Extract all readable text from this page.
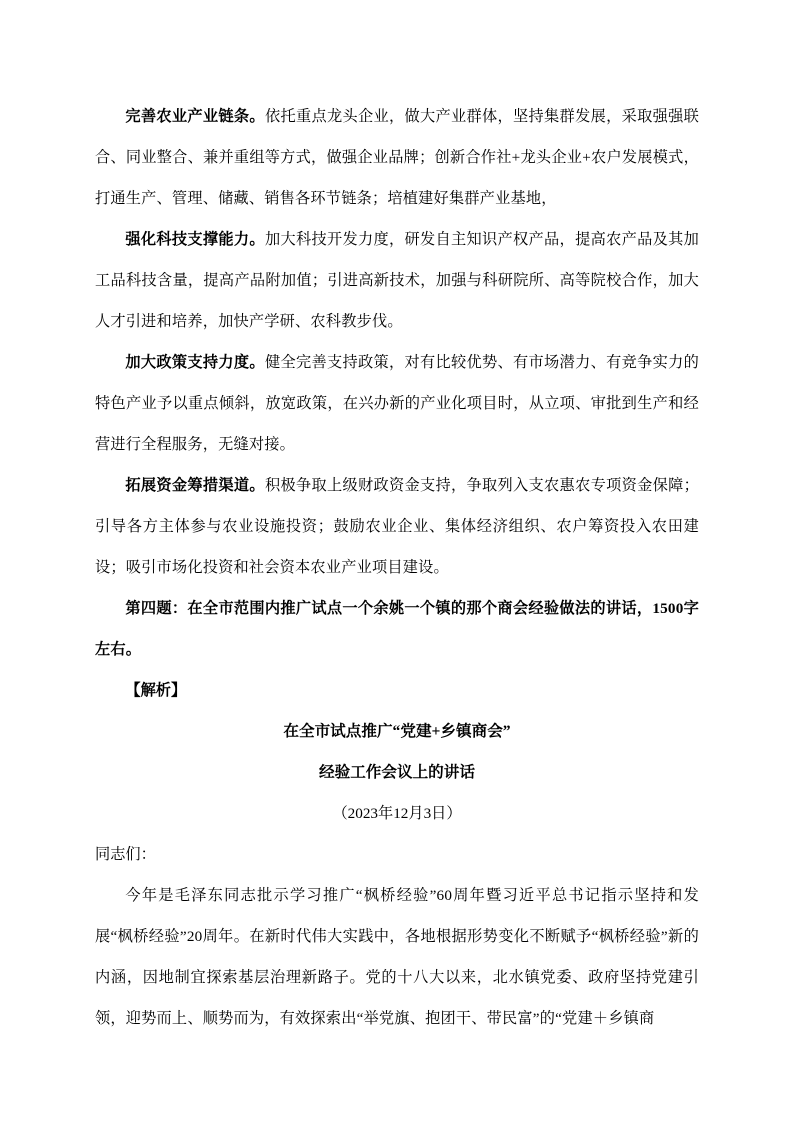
完善农业产业链条。依托重点龙头企业，做大产业群体，坚持集群发展，采取强强联合、同业整合、兼并重组等方式，做强企业品牌；创新合作社+龙头企业+农户发展模式，打通生产、管理、储藏、销售各环节链条；培植建好集群产业基地，

强化科技支撑能力。加大科技开发力度，研发自主知识产权产品，提高农产品及其加工品科技含量，提高产品附加值；引进高新技术，加强与科研院所、高等院校合作，加大人才引进和培养，加快产学研、农科教步伐。

加大政策支持力度。健全完善支持政策，对有比较优势、有市场潜力、有竞争实力的特色产业予以重点倾斜，放宽政策，在兴办新的产业化项目时，从立项、审批到生产和经营进行全程服务，无缝对接。

拓展资金筹措渠道。积极争取上级财政资金支持，争取列入支农惠农专项资金保障；引导各方主体参与农业设施投资；鼓励农业企业、集体经济组织、农户筹资投入农田建设；吸引市场化投资和社会资本农业产业项目建设。

第四题：在全市范围内推广试点一个余姚一个镇的那个商会经验做法的讲话，1500字左右。

【解析】

在全市试点推广“党建+乡镇商会”

经验工作会议上的讲话

（2023年12月3日）

同志们：

今年是毛泽东同志批示学习推广“枫桥经验”60周年暨习近平总书记指示坚持和发展“枫桥经验”20周年。在新时代伟大实践中，各地根据形势变化不断赋予“枫桥经验”新的内涵，因地制宜探索基层治理新路子。党的十八大以来，北水镇党委、政府坚持党建引领，迎势而上、顺势而为，有效探索出“举党旗、抱团干、带民富”的“党建＋乡镇商
